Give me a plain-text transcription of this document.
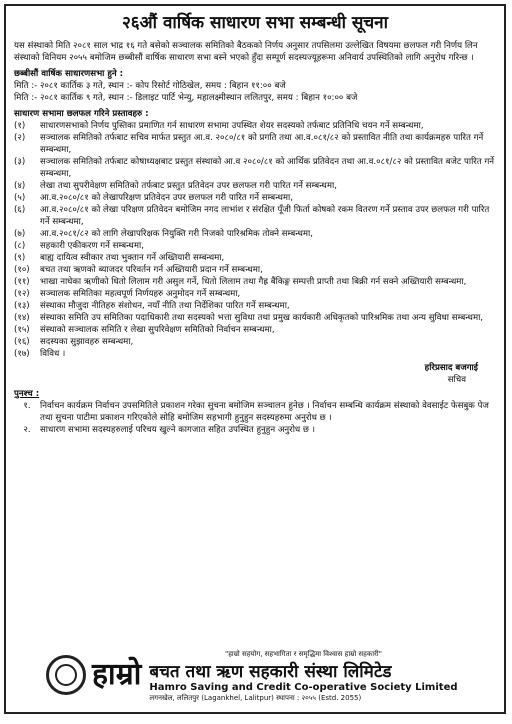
२६औं वार्षिक साधारण सभा सम्बन्धी सूचना
यस संस्थाको मिति २०८१ साल भाद्र १६ गते बसेको सञ्चालक समितिको बैठकको निर्णय अनुसार तपसिलमा उल्लेखित विषयमा छलफल गरी निर्णय लिन संस्थाको विनियम २०५५ बमोजिम छब्बीसौं वार्षिक साधारण सभा बस्ने भएको हुँदा सम्पूर्ण सदस्यज्यूहरूमा अनिवार्य उपस्थितिको लागि अनुरोध गरिन्छ ।
छब्बीसौं वार्षिक साधारणसभा हुने :
मिति :- २०८१ कार्तिक ३ गते, स्थान :- कोप रिसोर्ट गोठिखेल, समय : बिहान ११:०० बजे
मिति :- २०८१ कार्तिक ९ गते, स्थान :- डिलाइट पार्टि भेन्यु, महालक्ष्मीस्थान ललितपुर, समय : बिहान १०:०० बजे
साधारण सभामा छलफल गरिने प्रस्तावहरु :
(१)	साधारणसभाको निर्णय पुस्तिका प्रमाणित गर्न साधारण सभामा उपस्थित शेयर सदस्यको तर्फबाट प्रतिनिधि चयन गर्ने सम्बन्धमा,
(२)	सञ्चालक समितिको तर्फबाट सचिव मार्फत प्रस्तुत आ.व. २०८०/८१ को प्रगति तथा आ.व.०८१/८२ को प्रस्तावित नीति तथा कार्यक्रमहरु पारित गर्ने सम्बन्धमा,
(३)	सञ्चालक समितिको तर्फबाट कोषाध्यक्षबाट प्रस्तुत संस्थाको आ.व २०८०/८१ को आर्थिक प्रतिवेदन तथा आ.व.०८१/८२ को प्रस्तावित बजेट पारित गर्ने सम्बन्धमा,
(४)	लेखा तथा सुपरीवेक्षण समितिको तर्फबाट प्रस्तुत प्रतिवेदन उपर छलफल गरी पारित गर्ने सम्बन्धमा,
(५)	आ.व.२०८०/८१ को लेखापरिक्षण प्रतिवेदन उपर छलफल गरी पारित गर्ने सम्बन्धमा,
(६)	आ.व.२०८०/८१ को लेखा परिक्षण प्रतिवेदन बमोजिम नगद लाभांश र संरक्षित पूँजी फिर्ता कोषको रकम वितरण गर्ने प्रस्ताव उपर छलफल गरी पारित गर्ने सम्बन्धमा,
(७)	आ.व.२०८१/८२ को लागि लेखापरिक्षक नियुक्ति गरी निजको पारिश्रमिक तोक्ने सम्बन्धमा,
(८)	सहकारी एकीकरण गर्ने सम्बन्धमा,
(९)	बाह्य दायित्व स्वीकार तथा भुक्तान गर्ने अख्तियारी सम्बन्धमा,
(१०)	बचत तथा ऋणको ब्याजदर परिवर्तन गर्न अख्तियारी प्रदान गर्ने सम्बन्धमा,
(११)	भाखा नाघेका ऋणीको धितो लिलाम गरी असुल गर्ने, धितो लिलाम तथा गैह्र बैंकिङ्ग सम्पत्ती प्राप्ती तथा बिक्री गर्न सक्ने अख्तियारी सम्बन्धमा,
(१२)	सञ्चालक समितिका महत्वपूर्ण निर्णयहरु अनुमोदन गर्ने सम्बन्धमा,
(१३)	संस्थाका मौजुदा नीतिहरु संशोधन, नयाँ नीति तथा निर्देशिका पारित गर्ने सम्बन्धमा,
(१४)	संस्थाका समिति उप समितिका पदाधिकारी तथा सदस्यको भत्ता सुविधा तथा प्रमुख कार्यकारी अधिकृतको पारिश्रमिक तथा अन्य सुविधा सम्बन्धमा,
(१५)	संस्थाको सञ्चालक समिति र लेखा सुपरिवेक्षण समितिको निर्वाचन सम्बन्धमा,
(१६)	सदस्यका सुझावहरु सम्बन्धमा,
(१७)	विविध ।
हरिप्रसाद बजगाई
सचिव
पुनश्च :
१.	निर्वाचन कार्यक्रम निर्वाचन उपसमितिले प्रकाशन गरेका सुचना बमोजिम सञ्चालन हुनेछ । निर्वाचन सम्बन्धि कार्यक्रम संस्थाको वेवसाईट फेसबुक पेज तथा सुचना पाटीमा प्रकाशन गरिएकोले सोहि बमोजिम सहभागी हुनुहुन सदस्यहरुमा अनुरोध छ ।
२.	साधारण सभामा सदस्यहरुलाई परिचय खुल्ने कागजात सहित उपस्थित हुनुहुन अनुरोध छ ।
हाम्रो
"हाम्रो सहयोग, सहभागिता र समृद्धिमा विश्वास हाम्रो सहकारी"
बचत तथा ऋण सहकारी संस्था लिमिटेड
Hamro Saving and Credit Co-operative Society Limited
लगनखेल, ललितपुर (Lagankhel, Lalitpur) स्थापना : २०५५ (Estd. 2055)
